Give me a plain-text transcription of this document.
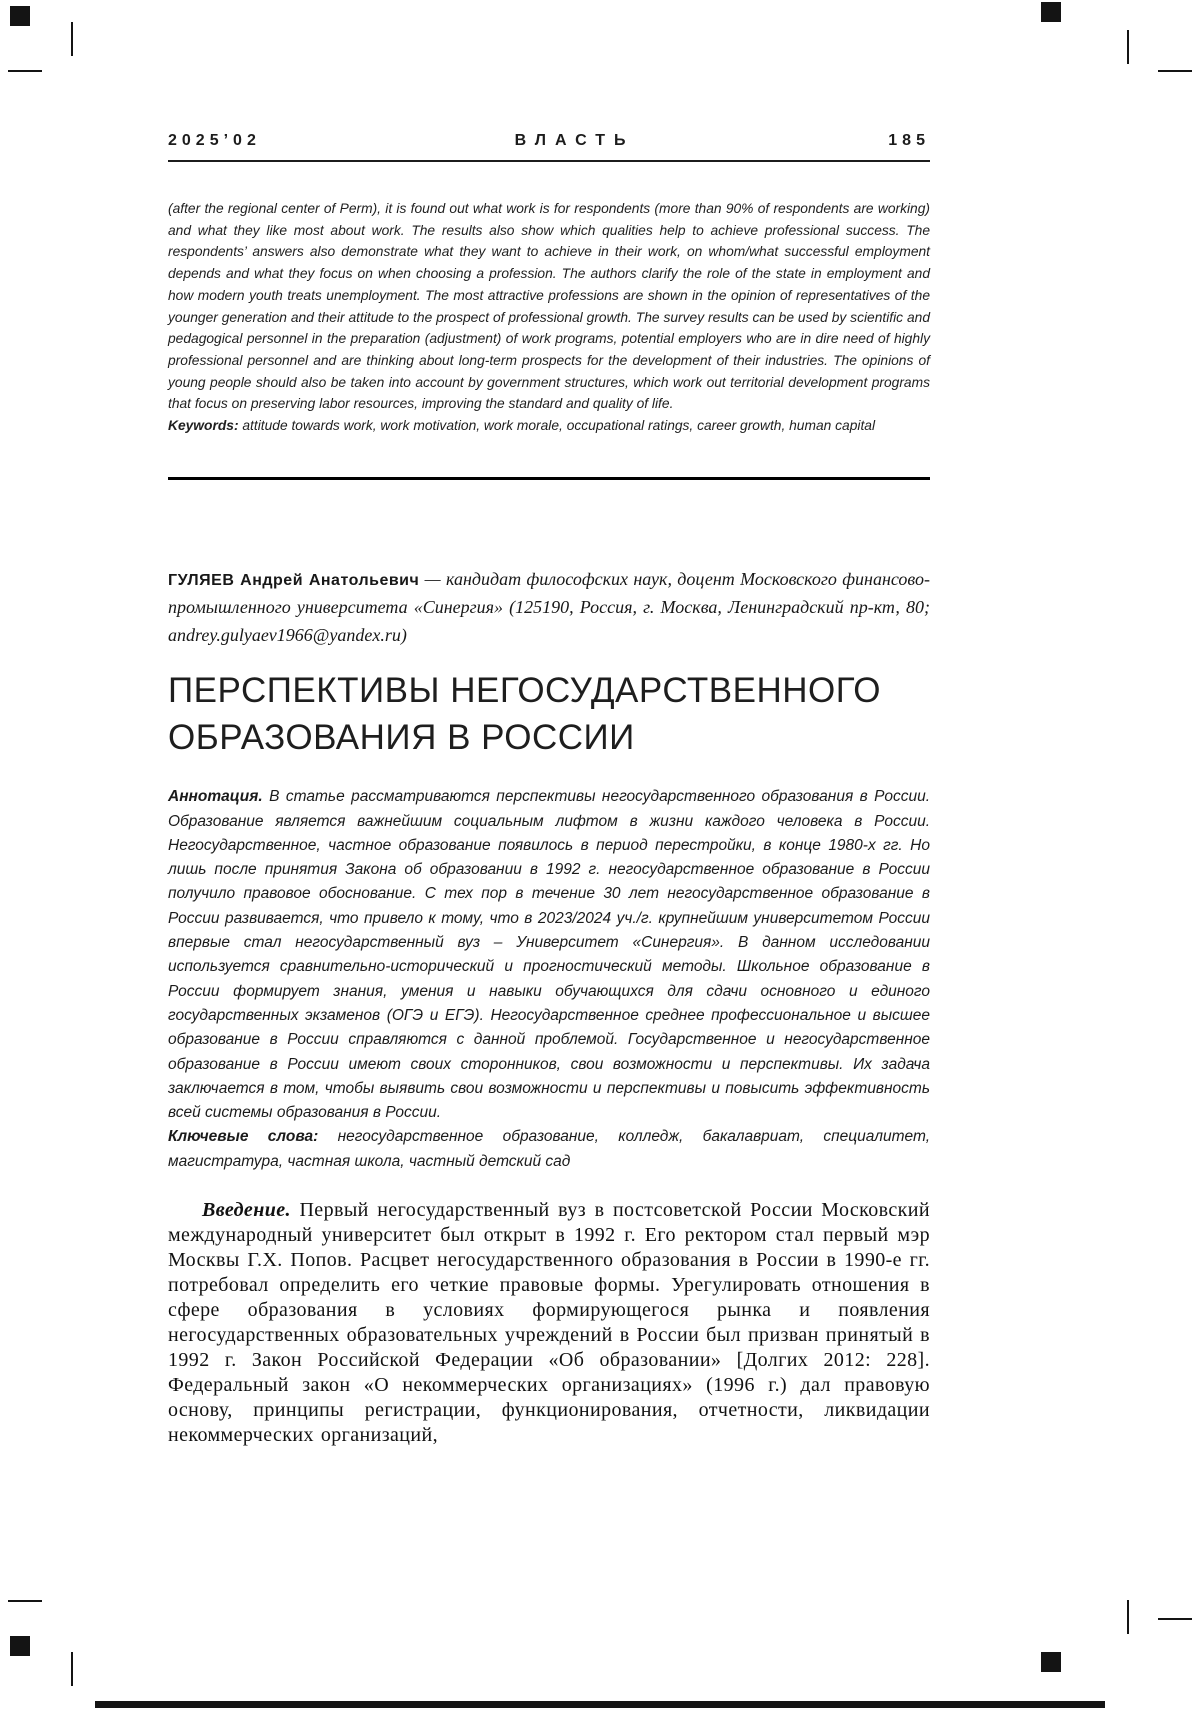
2025’02	ВЛАСТЬ	185

(after the regional center of Perm), it is found out what work is for respondents (more than 90% of respondents are working) and what they like most about work. The results also show which qualities help to achieve professional success. The respondents’ answers also demonstrate what they want to achieve in their work, on whom/what successful employment depends and what they focus on when choosing a profession. The authors clarify the role of the state in employment and how modern youth treats unemployment. The most attractive professions are shown in the opinion of representatives of the younger generation and their attitude to the prospect of professional growth. The survey results can be used by scientific and pedagogical personnel in the preparation (adjustment) of work programs, potential employers who are in dire need of highly professional personnel and are thinking about long-term prospects for the development of their industries. The opinions of young people should also be taken into account by government structures, which work out territorial development programs that focus on preserving labor resources, improving the standard and quality of life.

Keywords: attitude towards work, work motivation, work morale, occupational ratings, career growth, human capital

ГУЛЯЕВ Андрей Анатольевич — кандидат философских наук, доцент Московского финансово-промышленного университета «Синергия» (125190, Россия, г. Москва, Ленинградский пр-кт, 80; andrey.gulyaev1966@yandex.ru)

ПЕРСПЕКТИВЫ НЕГОСУДАРСТВЕННОГО ОБРАЗОВАНИЯ В РОССИИ

Аннотация. В статье рассматриваются перспективы негосударственного образования в России. Образование является важнейшим социальным лифтом в жизни каждого человека в России. Негосударственное, частное образование появилось в период перестройки, в конце 1980-х гг. Но лишь после принятия Закона об образовании в 1992 г. негосударственное образование в России получило правовое обоснование. С тех пор в течение 30 лет негосударственное образование в России развивается, что привело к тому, что в 2023/2024 уч./г. крупнейшим университетом России впервые стал негосударственный вуз – Университет «Синергия». В данном исследовании используется сравнительно-исторический и прогностический методы. Школьное образование в России формирует знания, умения и навыки обучающихся для сдачи основного и единого государственных экзаменов (ОГЭ и ЕГЭ). Негосударственное среднее профессиональное и высшее образование в России справляются с данной проблемой. Государственное и негосударственное образование в России имеют своих сторонников, свои возможности и перспективы. Их задача заключается в том, чтобы выявить свои возможности и перспективы и повысить эффективность всей системы образования в России.

Ключевые слова: негосударственное образование, колледж, бакалавриат, специалитет, магистратура, частная школа, частный детский сад

Введение. Первый негосударственный вуз в постсоветской России Московский международный университет был открыт в 1992 г. Его ректором стал первый мэр Москвы Г.Х. Попов. Расцвет негосударственного образования в России в 1990-е гг. потребовал определить его четкие правовые формы. Урегулировать отношения в сфере образования в условиях формирующегося рынка и появления негосударственных образовательных учреждений в России был призван принятый в 1992 г. Закон Российской Федерации «Об образовании» [Долгих 2012: 228]. Федеральный закон «О некоммерческих организациях» (1996 г.) дал правовую основу, принципы регистрации, функционирования, отчетности, ликвидации некоммерческих организаций,
